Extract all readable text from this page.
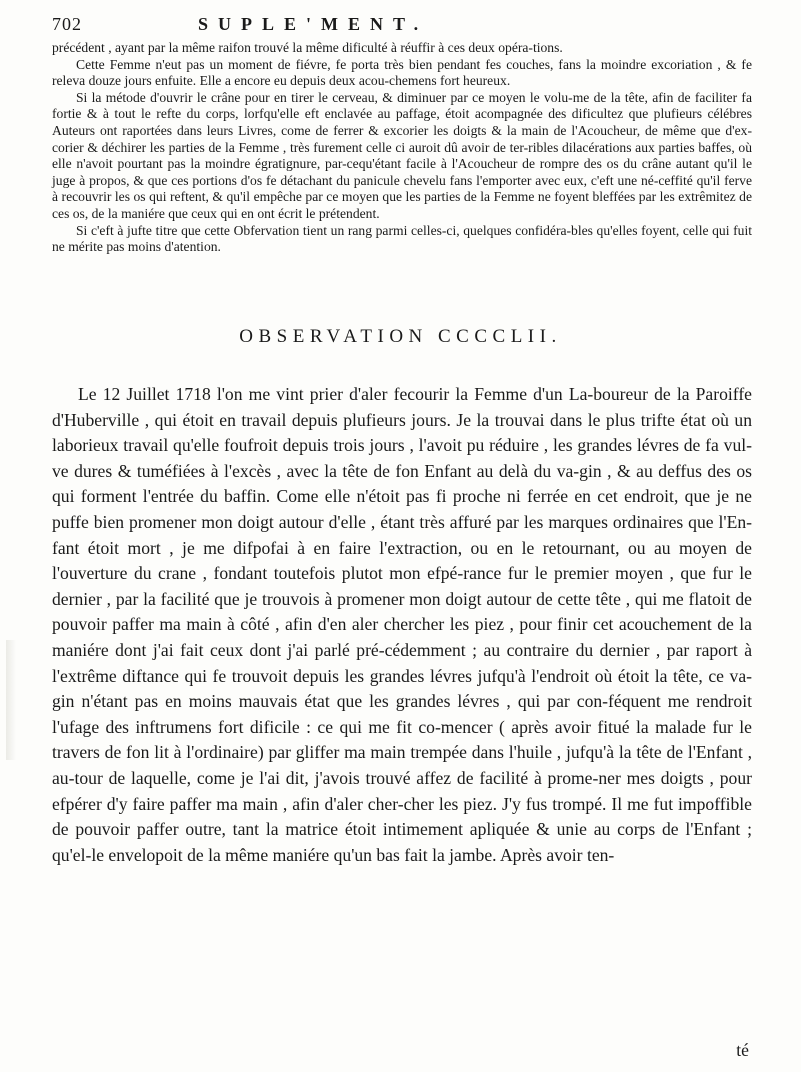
702	SUPLE'MENT.

précédent , ayant par la même raifon trouvé la même dificulté à réuffir à ces deux opéra-tions.

Cette Femme n'eut pas un moment de fiévre, fe porta très bien pendant fes couches, fans la moindre excoriation , & fe releva douze jours enfuite. Elle a encore eu depuis deux acou-chemens fort heureux.

Si la métode d'ouvrir le crâne pour en tirer le cerveau, & diminuer par ce moyen le volu-me de la tête, afin de faciliter fa fortie & à tout le refte du corps, lorfqu'elle eft enclavée au paffage, étoit acompagnée des dificultez que plufieurs célébres Auteurs ont raportées dans leurs Livres, come de ferrer & excorier les doigts & la main de l'Acoucheur, de même que d'ex-corier & déchirer les parties de la Femme , très furement celle ci auroit dû avoir de ter-ribles dilacérations aux parties baffes, où elle n'avoit pourtant pas la moindre égratignure, par-cequ'étant facile à l'Acoucheur de rompre des os du crâne autant qu'il le juge à propos, & que ces portions d'os fe détachant du panicule chevelu fans l'emporter avec eux, c'eft une né-ceffité qu'il ferve à recouvrir les os qui reftent, & qu'il empêche par ce moyen que les parties de la Femme ne foyent bleffées par les extrêmitez de ces os, de la maniére que ceux qui en ont écrit le prétendent.

Si c'eft à jufte titre que cette Obfervation tient un rang parmi celles-ci, quelques confidéra-bles qu'elles foyent, celle qui fuit ne mérite pas moins d'atention.

OBSERVATION CCCCLII.

Le 12 Juillet 1718 l'on me vint prier d'aler fecourir la Femme d'un La-boureur de la Paroiffe d'Huberville , qui étoit en travail depuis plufieurs jours. Je la trouvai dans le plus trifte état où un laborieux travail qu'elle foufroit depuis trois jours , l'avoit pu réduire , les grandes lévres de fa vul-ve dures & tuméfiées à l'excès , avec la tête de fon Enfant au delà du va-gin , & au deffus des os qui forment l'entrée du baffin. Come elle n'étoit pas fi proche ni ferrée en cet endroit, que je ne puffe bien promener mon doigt autour d'elle , étant très affuré par les marques ordinaires que l'En-fant étoit mort , je me difpofai à en faire l'extraction, ou en le retournant, ou au moyen de l'ouverture du crane , fondant toutefois plutot mon efpé-rance fur le premier moyen , que fur le dernier , par la facilité que je trouvois à promener mon doigt autour de cette tête , qui me flatoit de pouvoir paffer ma main à côté , afin d'en aler chercher les piez , pour finir cet acouchement de la maniére dont j'ai fait ceux dont j'ai parlé pré-cédemment ; au contraire du dernier , par raport à l'extrême diftance qui fe trouvoit depuis les grandes lévres jufqu'à l'endroit où étoit la tête, ce va-gin n'étant pas en moins mauvais état que les grandes lévres , qui par con-féquent me rendroit l'ufage des inftrumens fort dificile : ce qui me fit co-mencer ( après avoir fitué la malade fur le travers de fon lit à l'ordinaire) par gliffer ma main trempée dans l'huile , jufqu'à la tête de l'Enfant , au-tour de laquelle, come je l'ai dit, j'avois trouvé affez de facilité à prome-ner mes doigts , pour efpérer d'y faire paffer ma main , afin d'aler cher-cher les piez. J'y fus trompé. Il me fut impoffible de pouvoir paffer outre, tant la matrice étoit intimement apliquée & unie au corps de l'Enfant ; qu'el-le envelopoit de la même maniére qu'un bas fait la jambe. Après avoir ten-

té
